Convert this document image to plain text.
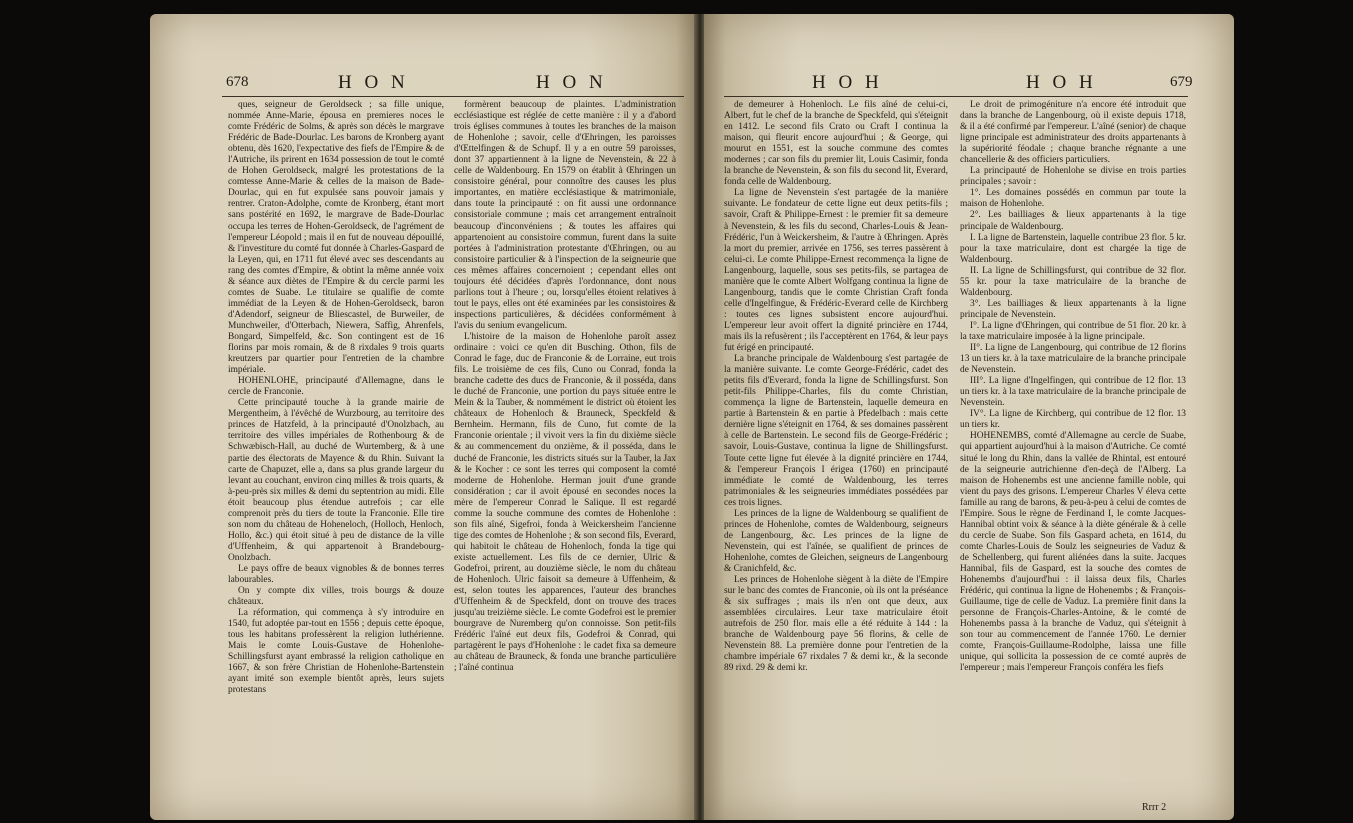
678	H O N	H O N

ques, seigneur de Geroldseck ; sa fille unique, nommée Anne-Marie, épousa en premieres noces le comte Frédéric de Solms, & après son décès le margrave Frédéric de Bade-Dourlac. Les barons de Kronberg ayant obtenu, dès 1620, l'expectative des fiefs de l'Empire & de l'Autriche, ils prirent en 1634 possession de tout le comté de Hohen Geroldseck, malgré les protestations de la comtesse Anne-Marie & celles de la maison de Bade-Dourlac, qui en fut expulsée sans pouvoir jamais y rentrer. Craton-Adolphe, comte de Kronberg, étant mort sans postérité en 1692, le margrave de Bade-Dourlac occupa les terres de Hohen-Geroldseck, de l'agrément de l'empereur Léopold ; mais il en fut de nouveau dépouillé, & l'investiture du comté fut donnée à Charles-Gaspard de la Leyen, qui, en 1711 fut élevé avec ses descendants au rang des comtes d'Empire, & obtint la même année voix & séance aux diètes de l'Empire & du cercle parmi les comtes de Suabe. Le titulaire se qualifie de comte immédiat de la Leyen & de Hohen-Geroldseck, baron d'Adendorf, seigneur de Bliescastel, de Burweiler, de Munchweiler, d'Otterbach, Niewera, Saffig, Ahrenfels, Bongard, Simpelfeld, &c. Son contingent est de 16 florins par mois romain, & de 8 rixdales 9 trois quarts kreutzers par quartier pour l'entretien de la chambre impériale.

HOHENLOHE, principauté d'Allemagne, dans le cercle de Franconie.

Cette principauté touche à la grande mairie de Mergentheim, à l'évêché de Wurzbourg, au territoire des princes de Hatzfeld, à la principauté d'Onolzbach, au territoire des villes impériales de Rothenbourg & de Schwæbisch-Hall, au duché de Wurtemberg, & à une partie des électorats de Mayence & du Rhin. Suivant la carte de Chapuzet, elle a, dans sa plus grande largeur du levant au couchant, environ cinq milles & trois quarts, & à-peu-près six milles & demi du septentrion au midi. Elle étoit beaucoup plus étendue autrefois ; car elle comprenoit près du tiers de toute la Franconie. Elle tire son nom du château de Hoheneloch, (Holloch, Henloch, Hollo, &c.) qui étoit situé à peu de distance de la ville d'Uffenheim, & qui appartenoit à Brandebourg-Onolzbach.

Le pays offre de beaux vignobles & de bonnes terres labourables.

On y compte dix villes, trois bourgs & douze châteaux.

La réformation, qui commença à s'y introduire en 1540, fut adoptée par-tout en 1556 ; depuis cette époque, tous les habitans professèrent la religion luthérienne. Mais le comte Louis-Gustave de Hohenlohe-Schillingsfurst ayant embrassé la religion catholique en 1667, & son frère Christian de Hohenlohe-Bartenstein ayant imité son exemple bientôt après, leurs sujets protestans

formèrent beaucoup de plaintes. L'administration ecclésiastique est réglée de cette manière : il y a d'abord trois églises communes à toutes les branches de la maison de Hohenlohe ; savoir, celle d'Œhringen, les paroisses d'Œttelfingen & de Schupf. Il y a en outre 59 paroisses, dont 37 appartiennent à la ligne de Nevenstein, & 22 à celle de Waldenbourg. En 1579 on établit à Œhringen un consistoire général, pour connoître des causes les plus importantes, en matière ecclésiastique & matrimoniale, dans toute la principauté : on fit aussi une ordonnance consistoriale commune ; mais cet arrangement entraînoit beaucoup d'inconvéniens ; & toutes les affaires qui appartenoient au consistoire commun, furent dans la suite portées à l'administration protestante d'Œhringen, ou au consistoire particulier & à l'inspection de la seigneurie que ces mêmes affaires concernoient ; cependant elles ont toujours été décidées d'après l'ordonnance, dont nous parlions tout à l'heure ; ou, lorsqu'elles étoient relatives à tout le pays, elles ont été examinées par les consistoires & inspections particulières, & décidées conformément à l'avis du senium evangelicum.

L'histoire de la maison de Hohenlohe paroît assez ordinaire : voici ce qu'en dit Busching. Othon, fils de Conrad le fage, duc de Franconie & de Lorraine, eut trois fils. Le troisième de ces fils, Cuno ou Conrad, fonda la branche cadette des ducs de Franconie, & il posséda, dans le duché de Franconie, une portion du pays située entre le Mein & la Tauber, & nommément le district où étoient les châteaux de Hohenloch & Brauneck, Speckfeld & Bernheim. Hermann, fils de Cuno, fut comte de la Franconie orientale ; il vivoit vers la fin du dixième siècle & au commencement du onzième, & il posséda, dans le duché de Franconie, les districts situés sur la Tauber, la Jax & le Kocher : ce sont les terres qui composent la comté moderne de Hohenlohe. Herman jouit d'une grande considération ; car il avoit épousé en secondes noces la mère de l'empereur Conrad le Salique. Il est regardé comme la souche commune des comtes de Hohenlohe : son fils aîné, Sigefroi, fonda à Weickersheim l'ancienne tige des comtes de Hohenlohe ; & son second fils, Everard, qui habitoit le château de Hohenloch, fonda la tige qui existe actuellement. Les fils de ce dernier, Ulric & Godefroi, prirent, au douzième siècle, le nom du château de Hohenloch. Ulric faisoit sa demeure à Uffenheim, & est, selon toutes les apparences, l'auteur des branches d'Uffenheim & de Speckfeld, dont on trouve des traces jusqu'au treizième siècle. Le comte Godefroi est le premier bourgrave de Nuremberg qu'on connoisse. Son petit-fils Frédéric l'aîné eut deux fils, Godefroi & Conrad, qui partagèrent le pays d'Hohenlohe : le cadet fixa sa demeure au château de Brauneck, & fonda une branche particulière ; l'aîné continua

H O H	H O H	679

de demeurer à Hohenloch. Le fils aîné de celui-ci, Albert, fut le chef de la branche de Speckfeld, qui s'éteignit en 1412. Le second fils Crato ou Craft I continua la maison, qui fleurit encore aujourd'hui ; & George, qui mourut en 1551, est la souche commune des comtes modernes ; car son fils du premier lit, Louis Casimir, fonda la branche de Nevenstein, & son fils du second lit, Everard, fonda celle de Waldenbourg.

La ligne de Nevenstein s'est partagée de la manière suivante. Le fondateur de cette ligne eut deux petits-fils ; savoir, Craft & Philippe-Ernest : le premier fit sa demeure à Nevenstein, & les fils du second, Charles-Louis & Jean-Frédéric, l'un à Weickersheim, & l'autre à Œhringen. Après la mort du premier, arrivée en 1756, ses terres passèrent à celui-ci. Le comte Philippe-Ernest recommença la ligne de Langenbourg, laquelle, sous ses petits-fils, se partagea de manière que le comte Albert Wolfgang continua la ligne de Langenbourg, tandis que le comte Christian Craft fonda celle d'Ingelfingue, & Frédéric-Everard celle de Kirchberg : toutes ces lignes subsistent encore aujourd'hui. L'empereur leur avoit offert la dignité princière en 1744, mais ils la refusèrent ; ils l'acceptèrent en 1764, & leur pays fut érigé en principauté.

La branche principale de Waldenbourg s'est partagée de la manière suivante. Le comte George-Frédéric, cadet des petits fils d'Everard, fonda la ligne de Schillingsfurst. Son petit-fils Philippe-Charles, fils du comte Christian, commença la ligne de Bartenstein, laquelle demeura en partie à Bartenstein & en partie à Pfedelbach : mais cette dernière ligne s'éteignit en 1764, & ses domaines passèrent à celle de Bartenstein. Le second fils de George-Frédéric ; savoir, Louis-Gustave, continua la ligne de Shillingsfurst. Toute cette ligne fut élevée à la dignité princière en 1744, & l'empereur François I érigea (1760) en principauté immédiate le comté de Waldenbourg, les terres patrimoniales & les seigneuries immédiates possédées par ces trois lignes.

Les princes de la ligne de Waldenbourg se qualifient de princes de Hohenlohe, comtes de Waldenbourg, seigneurs de Langenbourg, &c. Les princes de la ligne de Nevenstein, qui est l'aînée, se qualifient de princes de Hohenlohe, comtes de Gleichen, seigneurs de Langenbourg & Cranichfeld, &c.

Les princes de Hohenlohe siègent à la diète de l'Empire sur le banc des comtes de Franconie, où ils ont la préséance & six suffrages ; mais ils n'en ont que deux, aux assemblées circulaires. Leur taxe matriculaire étoit autrefois de 250 flor. mais elle a été réduite à 144 : la branche de Waldenbourg paye 56 florins, & celle de Nevenstein 88. La première donne pour l'entretien de la chambre impériale 67 rixdales 7 & demi kr., & la seconde 89 rixd. 29 & demi kr.

Le droit de primogéniture n'a encore été introduit que dans la branche de Langenbourg, où il existe depuis 1718, & il a été confirmé par l'empereur. L'aîné (senior) de chaque ligne principale est administrateur des droits appartenants à la supériorité féodale ; chaque branche régnante a une chancellerie & des officiers particuliers.

La principauté de Hohenlohe se divise en trois parties principales ; savoir :

1°. Les domaines possédés en commun par toute la maison de Hohenlohe.

2°. Les bailliages & lieux appartenants à la tige principale de Waldenbourg.

I. La ligne de Bartenstein, laquelle contribue 23 flor. 5 kr. pour la taxe matriculaire, dont est chargée la tige de Waldenbourg.

II. La ligne de Schillingsfurst, qui contribue de 32 flor. 55 kr. pour la taxe matriculaire de la branche de Waldenbourg.

3°. Les bailliages & lieux appartenants à la ligne principale de Nevenstein.

I°. La ligne d'Œhringen, qui contribue de 51 flor. 20 kr. à la taxe matriculaire imposée à la ligne principale.

II°. La ligne de Langenbourg, qui contribue de 12 florins 13 un tiers kr. à la taxe matriculaire de la branche principale de Nevenstein.

III°. La ligne d'Ingelfingen, qui contribue de 12 flor. 13 un tiers kr. à la taxe matriculaire de la branche principale de Nevenstein.

IV°. La ligne de Kirchberg, qui contribue de 12 flor. 13 un tiers kr.

HOHENEMBS, comté d'Allemagne au cercle de Suabe, qui appartient aujourd'hui à la maison d'Autriche. Ce comté situé le long du Rhin, dans la vallée de Rhintal, est entouré de la seigneurie autrichienne d'en-deçà de l'Alberg. La maison de Hohenembs est une ancienne famille noble, qui vient du pays des grisons. L'empereur Charles V éleva cette famille au rang de barons, & peu-à-peu à celui de comtes de l'Empire. Sous le règne de Ferdinand I, le comte Jacques-Hannibal obtint voix & séance à la diète générale & à celle du cercle de Suabe. Son fils Gaspard acheta, en 1614, du comte Charles-Louis de Soulz les seigneuries de Vaduz & de Schellenberg, qui furent aliénées dans la suite. Jacques Hannibal, fils de Gaspard, est la souche des comtes de Hohenembs d'aujourd'hui : il laissa deux fils, Charles Frédéric, qui continua la ligne de Hohenembs ; & François-Guillaume, tige de celle de Vaduz. La première finit dans la personne de François-Charles-Antoine, & le comté de Hohenembs passa à la branche de Vaduz, qui s'éteignit à son tour au commencement de l'année 1760. Le dernier comte, François-Guillaume-Rodolphe, laissa une fille unique, qui sollicita la possession de ce comté auprès de l'empereur ; mais l'empereur François conféra les fiefs

Rrrr 2
